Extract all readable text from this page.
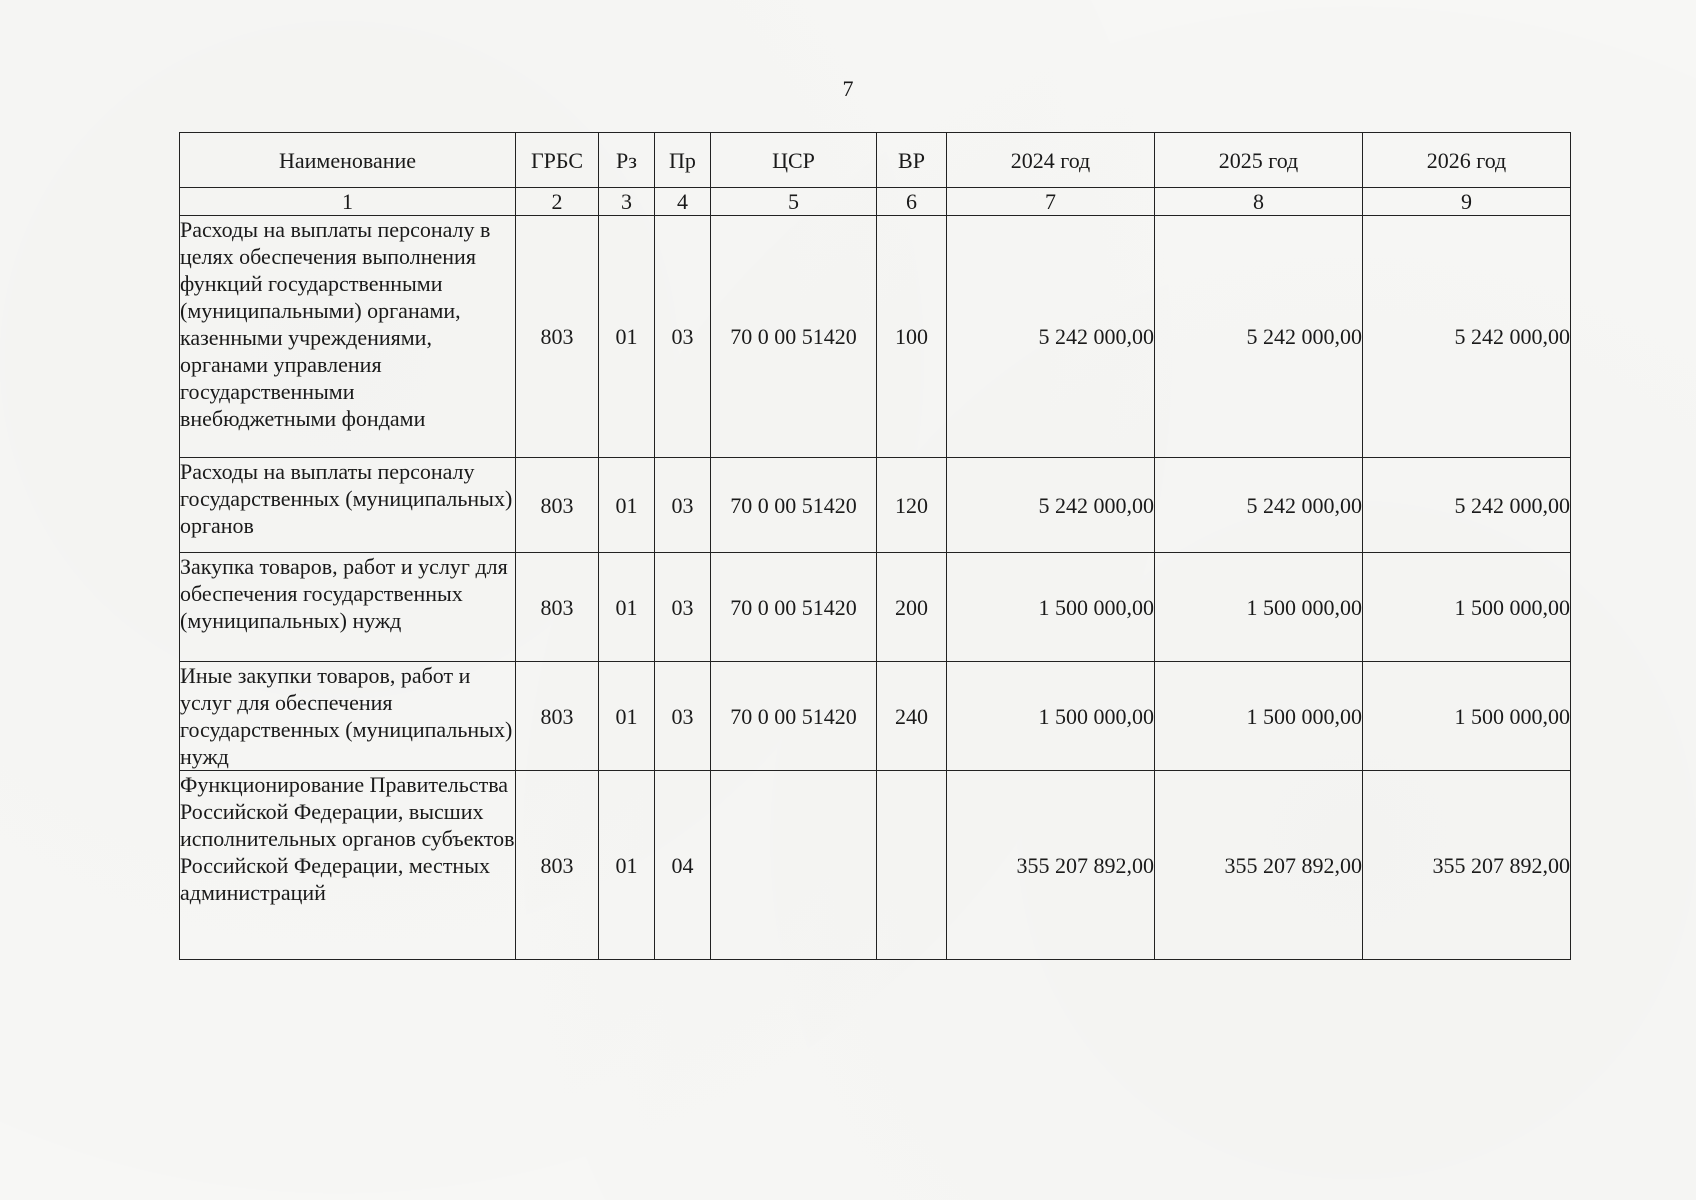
7
Наименование	ГРБС	Рз	Пр	ЦСР	ВР	2024 год	2025 год	2026 год
1	2	3	4	5	6	7	8	9
Расходы на выплаты персоналу в целях обеспечения выполнения функций государственными (муниципальными) органами, казенными учреждениями, органами управления государственными внебюджетными фондами	803	01	03	70 0 00 51420	100	5 242 000,00	5 242 000,00	5 242 000,00
Расходы на выплаты персоналу государственных (муниципальных) органов	803	01	03	70 0 00 51420	120	5 242 000,00	5 242 000,00	5 242 000,00
Закупка товаров, работ и услуг для обеспечения государственных (муниципальных) нужд	803	01	03	70 0 00 51420	200	1 500 000,00	1 500 000,00	1 500 000,00
Иные закупки товаров, работ и услуг для обеспечения государственных (муниципальных) нужд	803	01	03	70 0 00 51420	240	1 500 000,00	1 500 000,00	1 500 000,00
Функционирование Правительства Российской Федерации, высших исполнительных органов субъектов Российской Федерации, местных администраций	803	01	04			355 207 892,00	355 207 892,00	355 207 892,00
